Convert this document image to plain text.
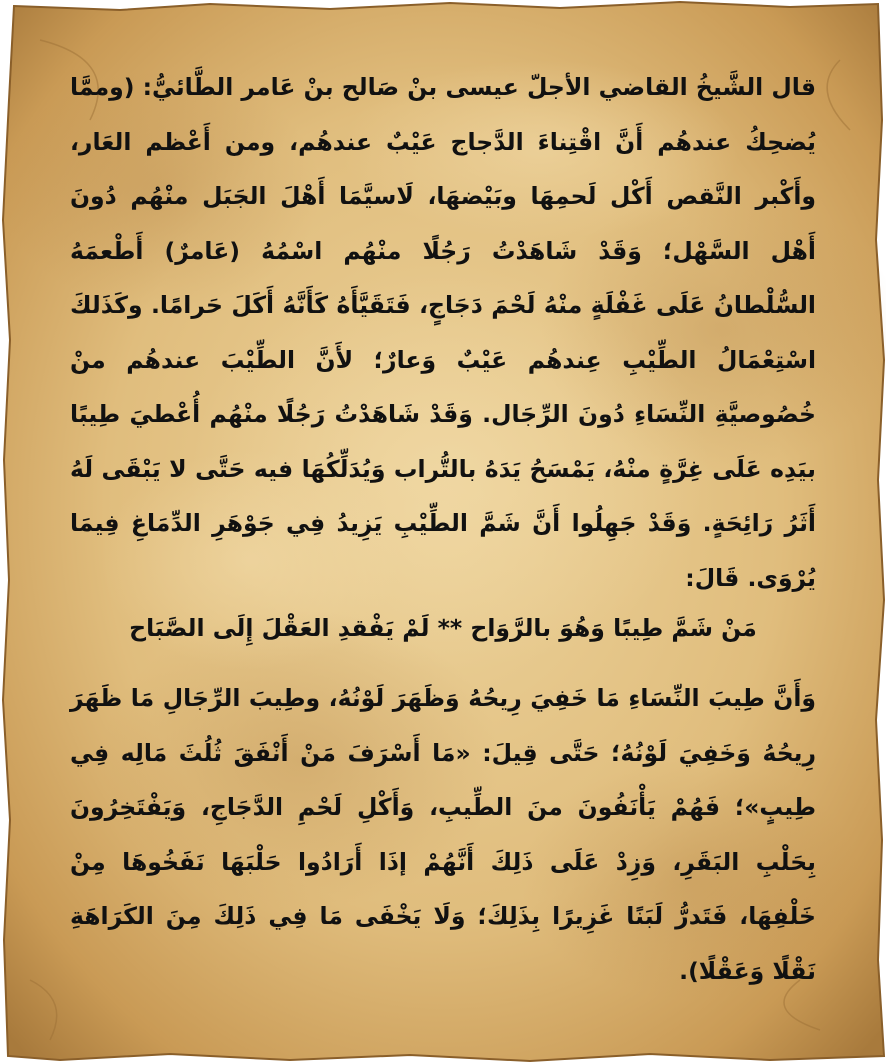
قال الشَّيخُ القاضي الأجلّ عيسى بنْ صَالح بنْ عَامر الطَّائيُّ: (وممَّا يُضحِكُ عندهُم أَنَّ اقْتِناءَ الدَّجاج عَيْبٌ عندهُم، ومن أَعْظم العَار، وأَكْبر النَّقص أَكْل لَحمِهَا وبَيْضهَا، لَاسيَّمَا أَهْلَ الجَبَل منْهُم دُونَ أَهْل السَّهْل؛ وَقَدْ شَاهَدْتُ رَجُلًا منْهُم اسْمُهُ (عَامرٌ) أَطْعمَهُ السُّلْطانُ عَلَى غَفْلَةٍ منْهُ لَحْمَ دَجَاجٍ، فَتَقَيَّأَهُ كَأَنَّهُ أَكَلَ حَرامًا. وكَذَلكَ اسْتِعْمَالُ الطِّيْبِ عِندهُم عَيْبٌ وَعارٌ؛ لأَنَّ الطِّيْبَ عندهُم منْ خُصُوصيَّةِ النِّسَاءِ دُونَ الرِّجَال. وَقَدْ شَاهَدْتُ رَجُلًا منْهُم أُعْطيَ طِيبًا بيَدِه عَلَى غِرَّةٍ منْهُ، يَمْسَحُ يَدَهُ بالتُّراب وَيُدَلِّكُهَا فيه حَتَّى لا يَبْقَى لَهُ أَثَرُ رَائِحَةٍ. وَقَدْ جَهِلُوا أَنَّ شَمَّ الطِّيْبِ يَزِيدُ فِي جَوْهَرِ الدِّمَاغِ فِيمَا يُرْوَى. قَالَ:

مَنْ شَمَّ طِيبًا وَهُوَ بالرَّوَاح ** لَمْ يَفْقدِ العَقْلَ إِلَى الصَّبَاح

وَأَنَّ طِيبَ النِّسَاءِ مَا خَفِيَ رِيحُهُ وَظَهَرَ لَوْنُهُ، وطِيبَ الرِّجَالِ مَا ظَهَرَ رِيحُهُ وَخَفِيَ لَوْنُهُ؛ حَتَّى قِيلَ: «مَا أَسْرَفَ مَنْ أَنْفَقَ ثُلُثَ مَالِه فِي طِيبٍ»؛ فَهُمْ يَأْنَفُونَ منَ الطِّيبِ، وَأَكْلِ لَحْمِ الدَّجَاجِ، وَيَفْتَخِرُونَ بِحَلْبِ البَقَرِ، وَزِدْ عَلَى ذَلِكَ أَنَّهُمْ إذَا أَرَادُوا حَلْبَهَا نَفَخُوهَا مِنْ خَلْفِهَا، فَتَدرُّ لَبَنًا غَزِيرًا بِذَلِكَ؛ وَلَا يَخْفَى مَا فِي ذَلِكَ مِنَ الكَرَاهَةِ نَقْلًا وَعَقْلًا).
